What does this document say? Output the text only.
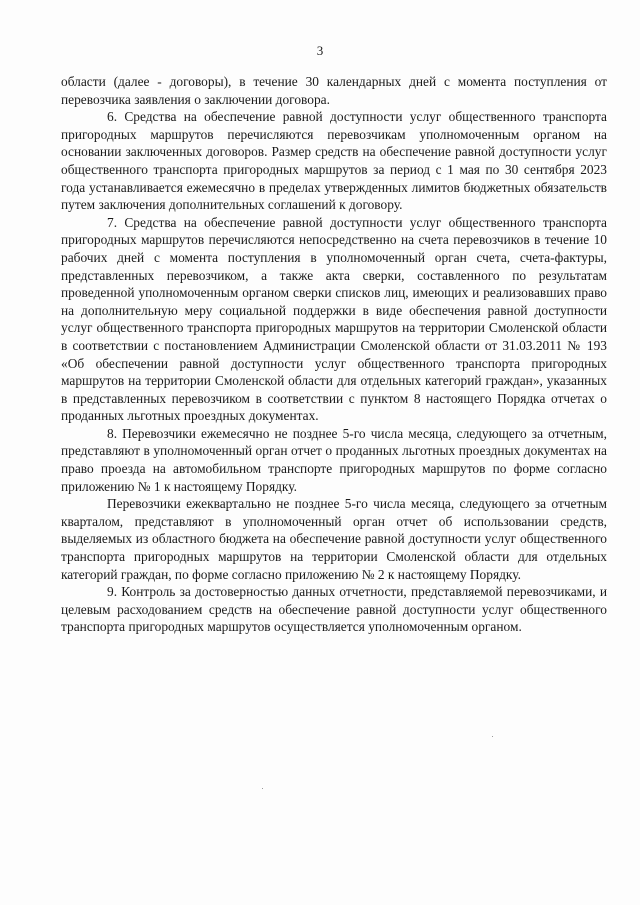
3

области (далее - договоры), в течение 30 календарных дней с момента поступления от перевозчика заявления о заключении договора.

6. Средства на обеспечение равной доступности услуг общественного транспорта пригородных маршрутов перечисляются перевозчикам уполномоченным органом на основании заключенных договоров. Размер средств на обеспечение равной доступности услуг общественного транспорта пригородных маршрутов за период с 1 мая по 30 сентября 2023 года устанавливается ежемесячно в пределах утвержденных лимитов бюджетных обязательств путем заключения дополнительных соглашений к договору.

7. Средства на обеспечение равной доступности услуг общественного транспорта пригородных маршрутов перечисляются непосредственно на счета перевозчиков в течение 10 рабочих дней с момента поступления в уполномоченный орган счета, счета-фактуры, представленных перевозчиком, а также акта сверки, составленного по результатам проведенной уполномоченным органом сверки списков лиц, имеющих и реализовавших право на дополнительную меру социальной поддержки в виде обеспечения равной доступности услуг общественного транспорта пригородных маршрутов на территории Смоленской области в соответствии с постановлением Администрации Смоленской области от 31.03.2011 № 193 «Об обеспечении равной доступности услуг общественного транспорта пригородных маршрутов на территории Смоленской области для отдельных категорий граждан», указанных в представленных перевозчиком в соответствии с пунктом 8 настоящего Порядка отчетах о проданных льготных проездных документах.

8. Перевозчики ежемесячно не позднее 5-го числа месяца, следующего за отчетным, представляют в уполномоченный орган отчет о проданных льготных проездных документах на право проезда на автомобильном транспорте пригородных маршрутов по форме согласно приложению № 1 к настоящему Порядку.

Перевозчики ежеквартально не позднее 5-го числа месяца, следующего за отчетным кварталом, представляют в уполномоченный орган отчет об использовании средств, выделяемых из областного бюджета на обеспечение равной доступности услуг общественного транспорта пригородных маршрутов на территории Смоленской области для отдельных категорий граждан, по форме согласно приложению № 2 к настоящему Порядку.

9. Контроль за достоверностью данных отчетности, представляемой перевозчиками, и целевым расходованием средств на обеспечение равной доступности услуг общественного транспорта пригородных маршрутов осуществляется уполномоченным органом.
